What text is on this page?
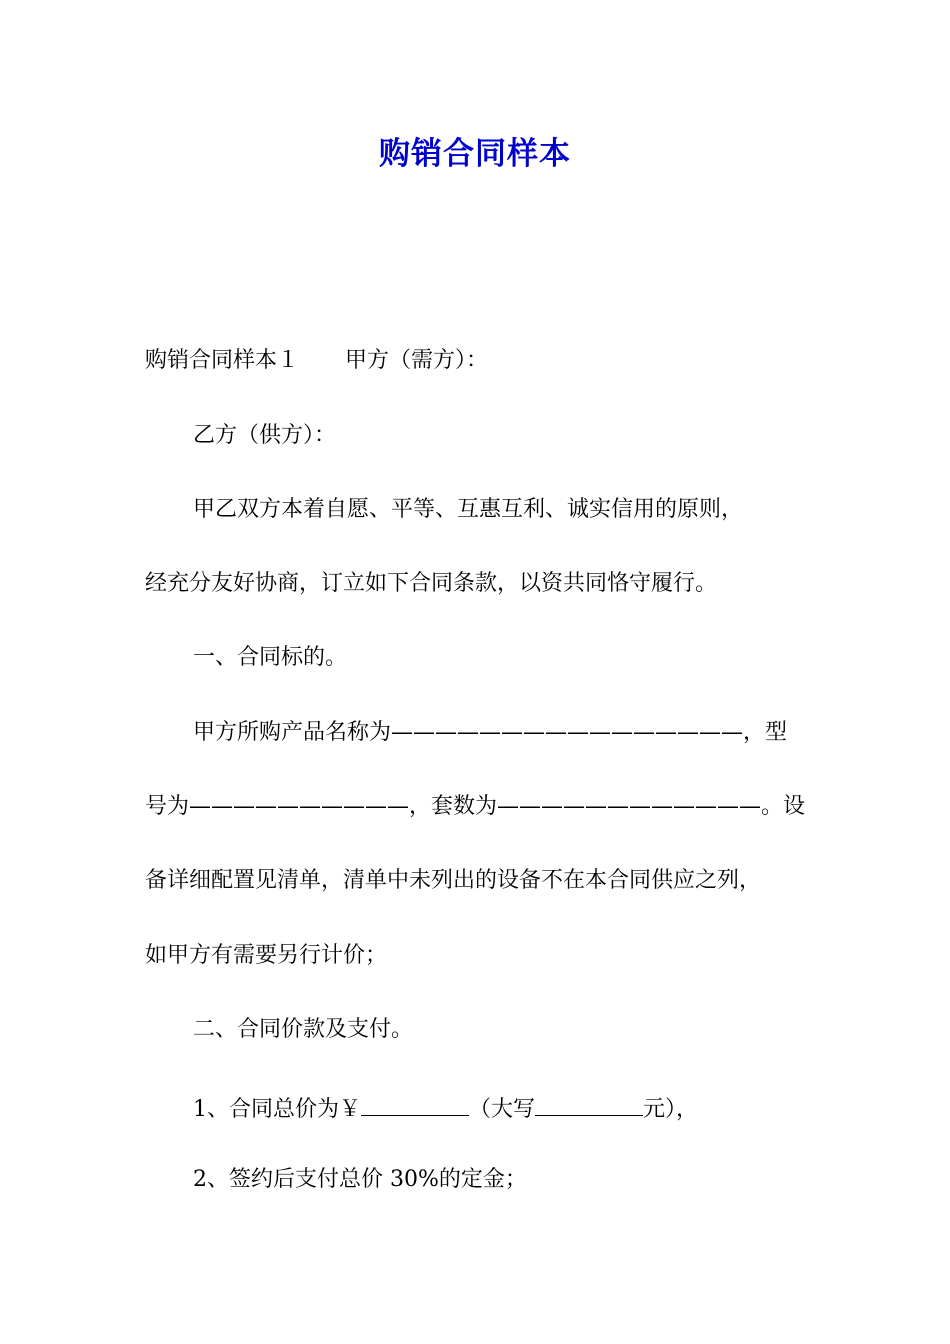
购销合同样本

购销合同样本１ 甲方（需方）：

乙方（供方）：

甲乙双方本着自愿、平等、互惠互利、诚实信用的原则，

经充分友好协商，订立如下合同条款，以资共同恪守履行。

一、合同标的。

甲方所购产品名称为————————————————，型

号为——————————，套数为————————————。设

备详细配置见清单，清单中未列出的设备不在本合同供应之列，

如甲方有需要另行计价；

二、合同价款及支付。

1、合同总价为￥	（大写	元），

2、签约后支付总价 30%的定金；
